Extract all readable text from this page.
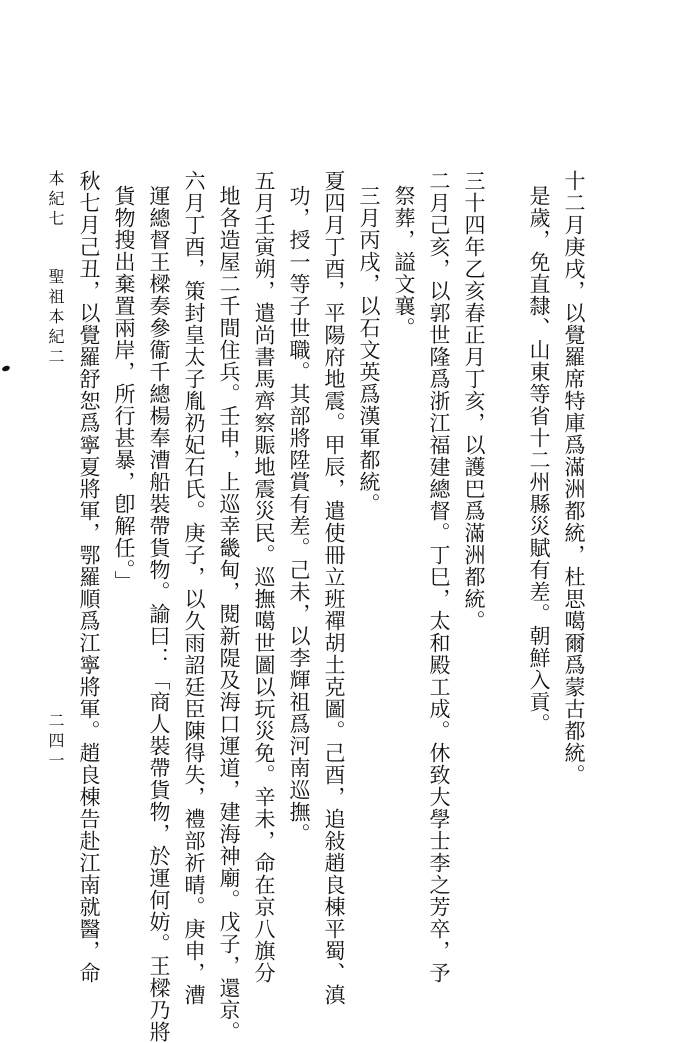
十二月庚戌，以覺羅席特庫爲滿洲都統，杜思噶爾爲蒙古都統。
是歲，免直隸、山東等省十二州縣災賦有差。朝鮮入貢。
三十四年乙亥春正月丁亥，以護巴爲滿洲都統。
二月己亥，以郭世隆爲浙江福建總督。丁巳，太和殿工成。休致大學士李之芳卒，予
祭葬，謚文襄。
三月丙戌，以石文英爲漢軍都統。
夏四月丁酉，平陽府地震。甲辰，遣使冊立班禪胡土克圖。己酉，追敍趙良棟平蜀、滇
功，授一等子世職。其部將陞賞有差。己未，以李輝祖爲河南巡撫。
五月壬寅朔，遣尚書馬齊察賑地震災民。巡撫噶世圖以玩災免。辛未，命在京八旗分
地各造屋二千間住兵。壬申，上巡幸畿甸，閱新隄及海口運道，建海神廟。戊子，還京。
六月丁酉，策封皇太子胤礽妃石氏。庚子，以久雨詔廷臣陳得失，禮部祈晴。庚申，漕
運總督王樑奏參衞千總楊奉漕船裝帶貨物。諭曰：「商人裝帶貨物，於運何妨。王樑乃將
貨物搜出棄置兩岸，所行甚暴，卽解任。」
秋七月己丑，以覺羅舒恕爲寧夏將軍，鄂羅順爲江寧將軍。趙良棟告赴江南就醫，命
本紀七
聖祖本紀二
二四一
